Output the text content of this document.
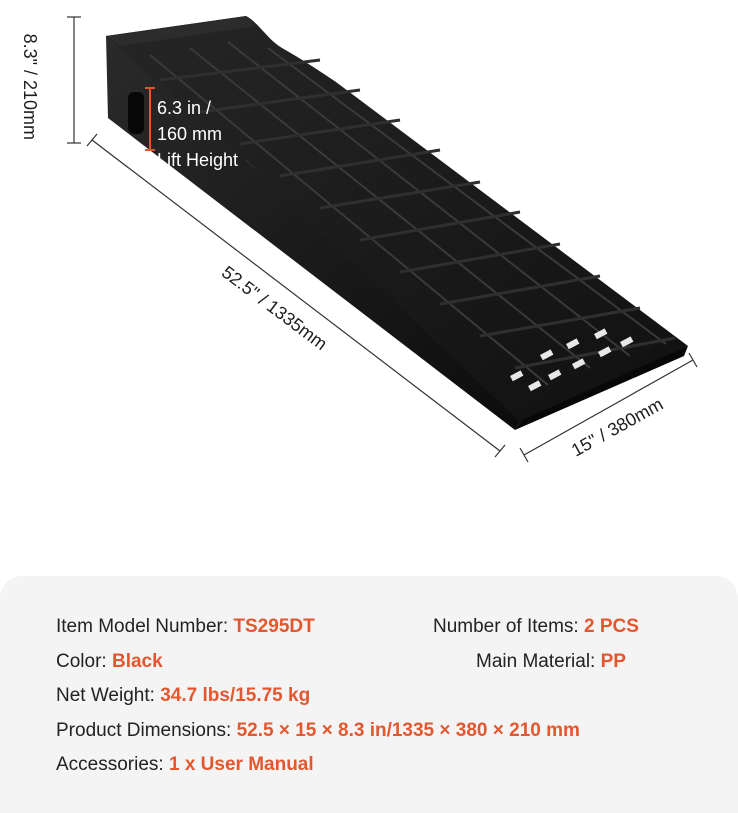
8.3" / 210mm
52.5" / 1335mm
15" / 380mm
6.3 in /
160 mm
Lift Height
Item Model Number: TS295DT	Number of Items: 2 PCS
Color: Black	Main Material: PP
Net Weight: 34.7 lbs/15.75 kg
Product Dimensions: 52.5 × 15 × 8.3 in/1335 × 380 × 210 mm
Accessories: 1 x User Manual
